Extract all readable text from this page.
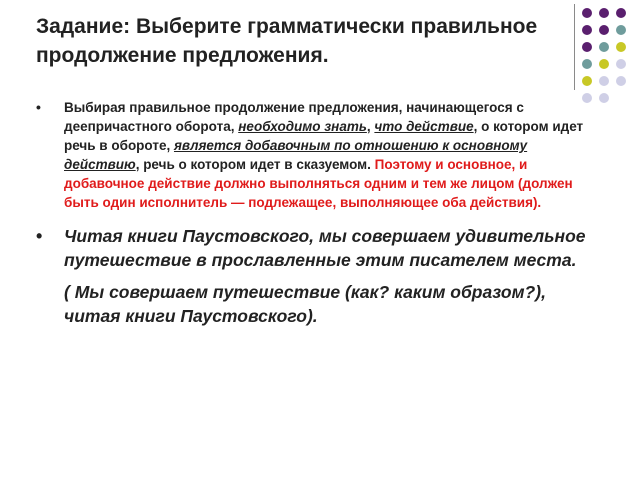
Задание: Выберите грамматически правильное продолжение предложения.
• Выбирая правильное продолжение предложения, начинающегося с деепричастного оборота, необходимо знать, что действие, о котором идет речь в обороте, является добавочным по отношению к основному действию, речь о котором идет в сказуемом. Поэтому и основное, и добавочное действие должно выполняться одним и тем же лицом (должен быть один исполнитель — подлежащее, выполняющее оба действия).
• Читая книги Паустовского, мы совершаем удивительное путешествие в прославленные этим писателем места.
( Мы совершаем путешествие (как? каким образом?), читая книги Паустовского).
